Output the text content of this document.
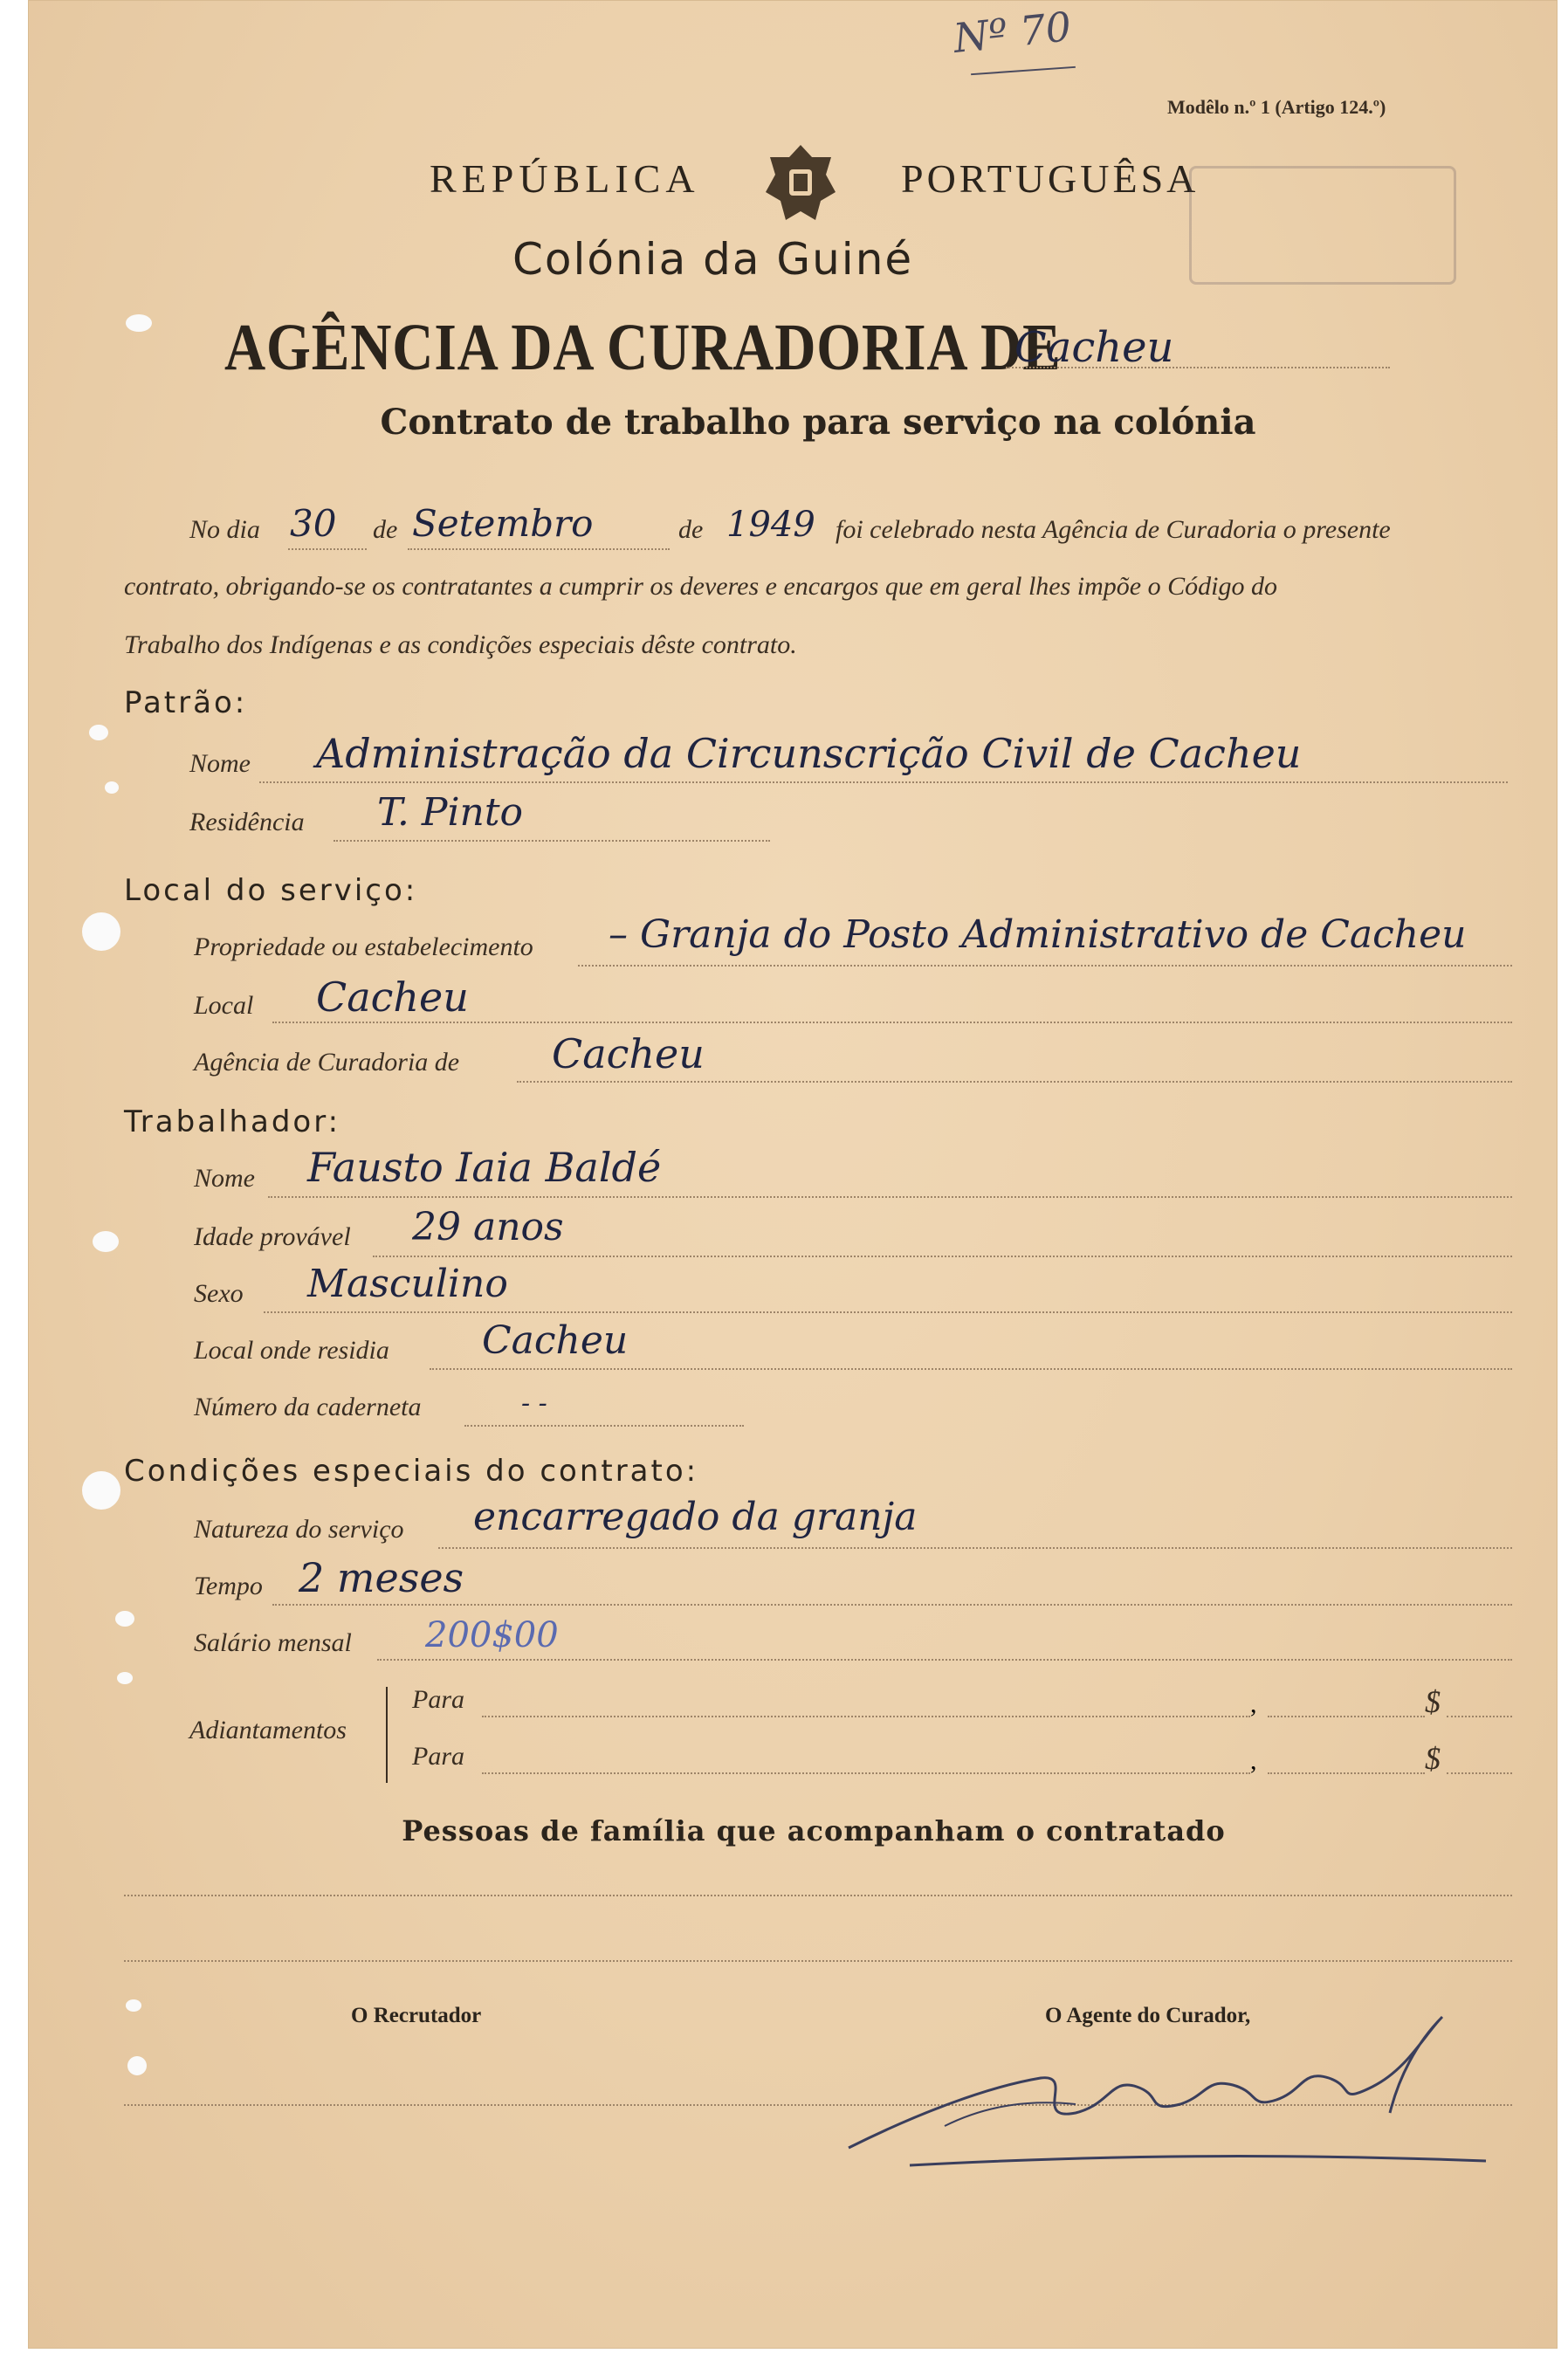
Nº 70
Modêlo n.º 1 (Artigo 124.º)
REPÚBLICA	PORTUGUÊSA
Colónia da Guiné
AGÊNCIA DA CURADORIA DE
Cacheu
Contrato de trabalho para serviço na colónia
No dia 30 de Setembro	de 1949 foi celebrado nesta Agência de Curadoria o presente
contrato, obrigando-se os contratantes a cumprir os deveres e encargos que em geral lhes impõe o Código do
Trabalho dos Indígenas e as condições especiais dêste contrato.
Patrão:
Nome Administração da Circunscrição Civil de Cacheu
Residência T. Pinto
Local do serviço:
Propriedade ou estabelecimento – Granja do Posto Administrativo de Cacheu
Local Cacheu
Agência de Curadoria de Cacheu
Trabalhador:
Nome Fausto Iaia Baldé
Idade provável 29 anos
Sexo Masculino
Local onde residia Cacheu
Número da caderneta	- -
Condições especiais do contrato:
Natureza do serviço encarregado da granja
Tempo 2 meses
Salário mensal 200$00
Adiantamentos
Para	,	$
Para	,	$
Pessoas de família que acompanham o contratado
O Recrutador	O Agente do Curador,
